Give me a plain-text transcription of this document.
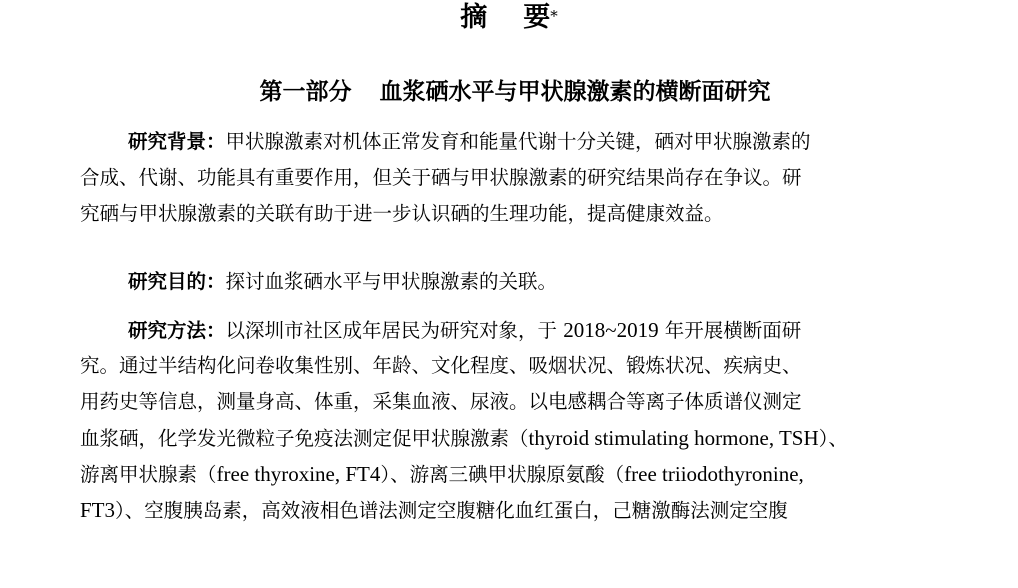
摘 要*
第一部分 血浆硒水平与甲状腺激素的横断面研究
研究背景：甲状腺激素对机体正常发育和能量代谢十分关键，硒对甲状腺激素的
合成、代谢、功能具有重要作用，但关于硒与甲状腺激素的研究结果尚存在争议。研
究硒与甲状腺激素的关联有助于进一步认识硒的生理功能，提高健康效益。
研究目的：探讨血浆硒水平与甲状腺激素的关联。
研究方法：以深圳市社区成年居民为研究对象，于 2018~2019 年开展横断面研
究。通过半结构化问卷收集性别、年龄、文化程度、吸烟状况、锻炼状况、疾病史、
用药史等信息，测量身高、体重，采集血液、尿液。以电感耦合等离子体质谱仪测定
血浆硒，化学发光微粒子免疫法测定促甲状腺激素（thyroid stimulating hormone, TSH）、
游离甲状腺素（free thyroxine, FT4）、游离三碘甲状腺原氨酸（free triiodothyronine,
FT3）、空腹胰岛素，高效液相色谱法测定空腹糖化血红蛋白，己糖激酶法测定空腹
